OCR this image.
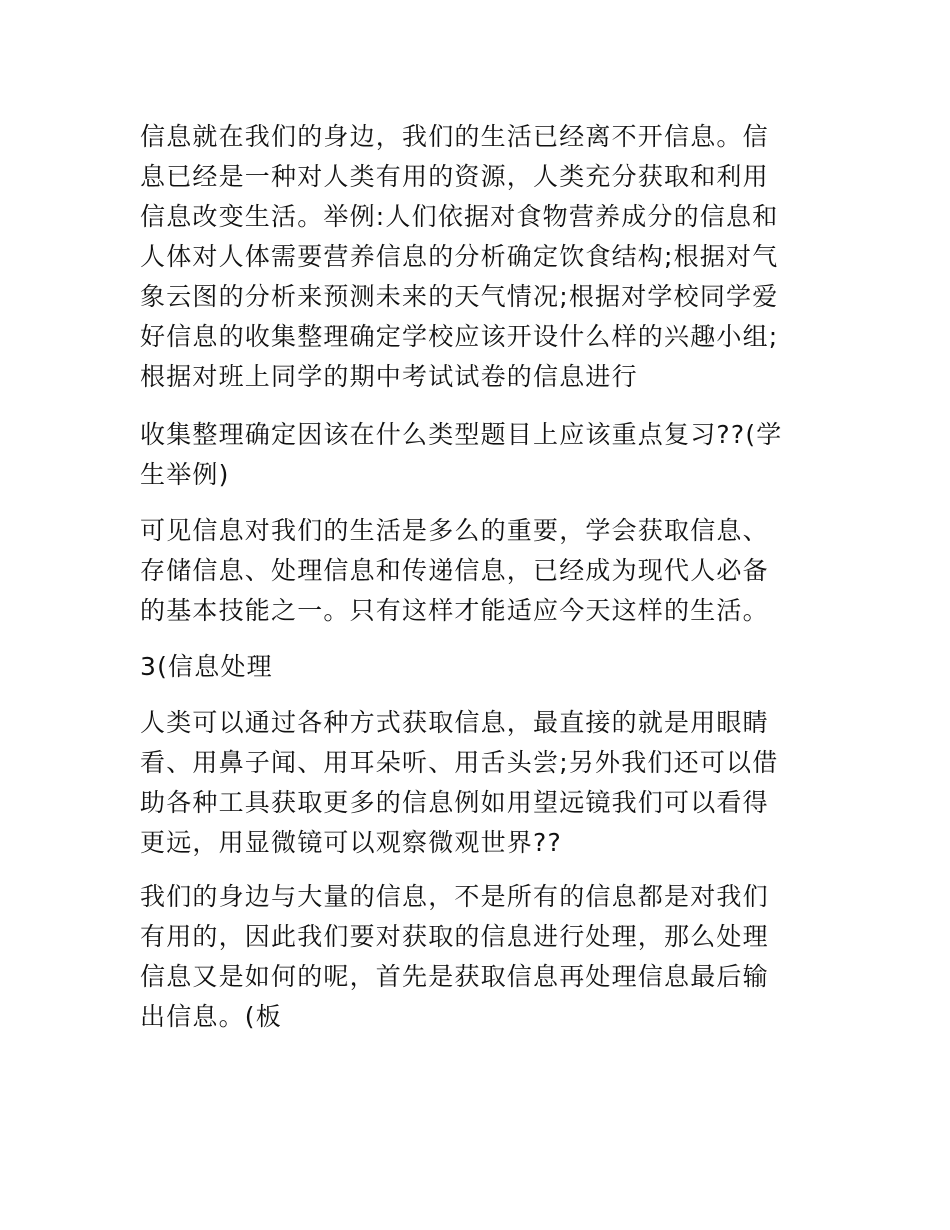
信息就在我们的身边，我们的生活已经离不开信息。信
息已经是一种对人类有用的资源，人类充分获取和利用
信息改变生活。举例:人们依据对食物营养成分的信息和
人体对人体需要营养信息的分析确定饮食结构;根据对气
象云图的分析来预测未来的天气情况;根据对学校同学爱
好信息的收集整理确定学校应该开设什么样的兴趣小组;
根据对班上同学的期中考试试卷的信息进行

收集整理确定因该在什么类型题目上应该重点复习??(学
生举例)

可见信息对我们的生活是多么的重要，学会获取信息、
存储信息、处理信息和传递信息，已经成为现代人必备
的基本技能之一。只有这样才能适应今天这样的生活。

3(信息处理

人类可以通过各种方式获取信息，最直接的就是用眼睛
看、用鼻子闻、用耳朵听、用舌头尝;另外我们还可以借
助各种工具获取更多的信息例如用望远镜我们可以看得
更远，用显微镜可以观察微观世界??

我们的身边与大量的信息，不是所有的信息都是对我们
有用的，因此我们要对获取的信息进行处理，那么处理
信息又是如何的呢，首先是获取信息再处理信息最后输
出信息。(板
